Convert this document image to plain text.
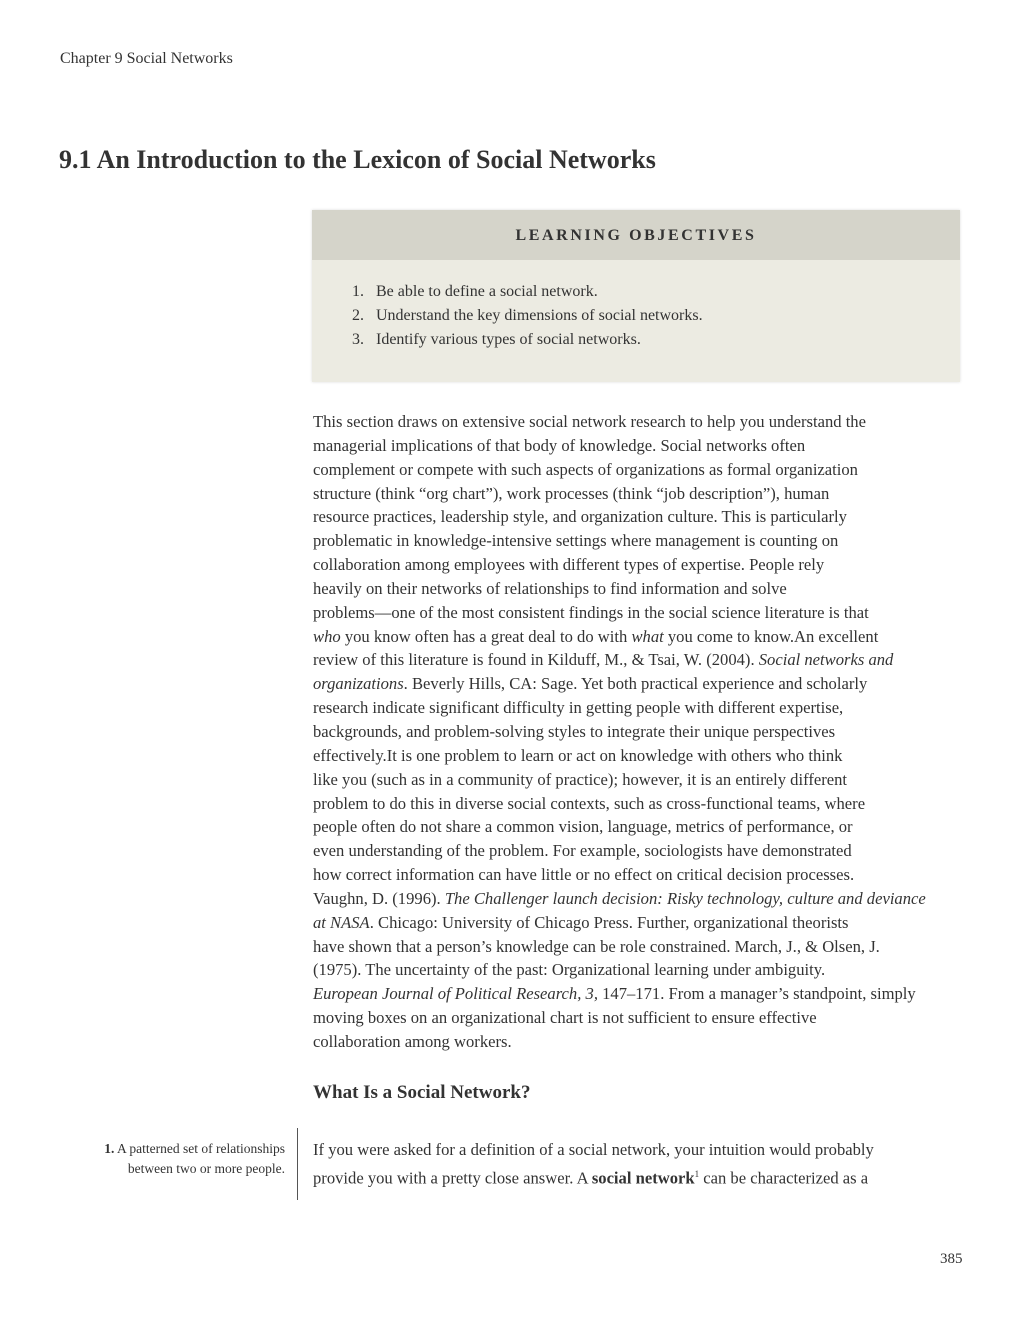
Chapter 9 Social Networks
9.1 An Introduction to the Lexicon of Social Networks
LEARNING OBJECTIVES
1. Be able to define a social network.
2. Understand the key dimensions of social networks.
3. Identify various types of social networks.
This section draws on extensive social network research to help you understand the
managerial implications of that body of knowledge. Social networks often
complement or compete with such aspects of organizations as formal organization
structure (think “org chart”), work processes (think “job description”), human
resource practices, leadership style, and organization culture. This is particularly
problematic in knowledge-intensive settings where management is counting on
collaboration among employees with different types of expertise. People rely
heavily on their networks of relationships to find information and solve
problems—one of the most consistent findings in the social science literature is that
who you know often has a great deal to do with what you come to know.An excellent
review of this literature is found in Kilduff, M., & Tsai, W. (2004). Social networks and
organizations. Beverly Hills, CA: Sage. Yet both practical experience and scholarly
research indicate significant difficulty in getting people with different expertise,
backgrounds, and problem-solving styles to integrate their unique perspectives
effectively.It is one problem to learn or act on knowledge with others who think
like you (such as in a community of practice); however, it is an entirely different
problem to do this in diverse social contexts, such as cross-functional teams, where
people often do not share a common vision, language, metrics of performance, or
even understanding of the problem. For example, sociologists have demonstrated
how correct information can have little or no effect on critical decision processes.
Vaughn, D. (1996). The Challenger launch decision: Risky technology, culture and deviance
at NASA. Chicago: University of Chicago Press. Further, organizational theorists
have shown that a person’s knowledge can be role constrained. March, J., & Olsen, J.
(1975). The uncertainty of the past: Organizational learning under ambiguity.
European Journal of Political Research, 3, 147–171. From a manager’s standpoint, simply
moving boxes on an organizational chart is not sufficient to ensure effective
collaboration among workers.
What Is a Social Network?
1. A patterned set of relationships
between two or more people.
If you were asked for a definition of a social network, your intuition would probably
provide you with a pretty close answer. A social network$^1$ can be characterized as a
385
